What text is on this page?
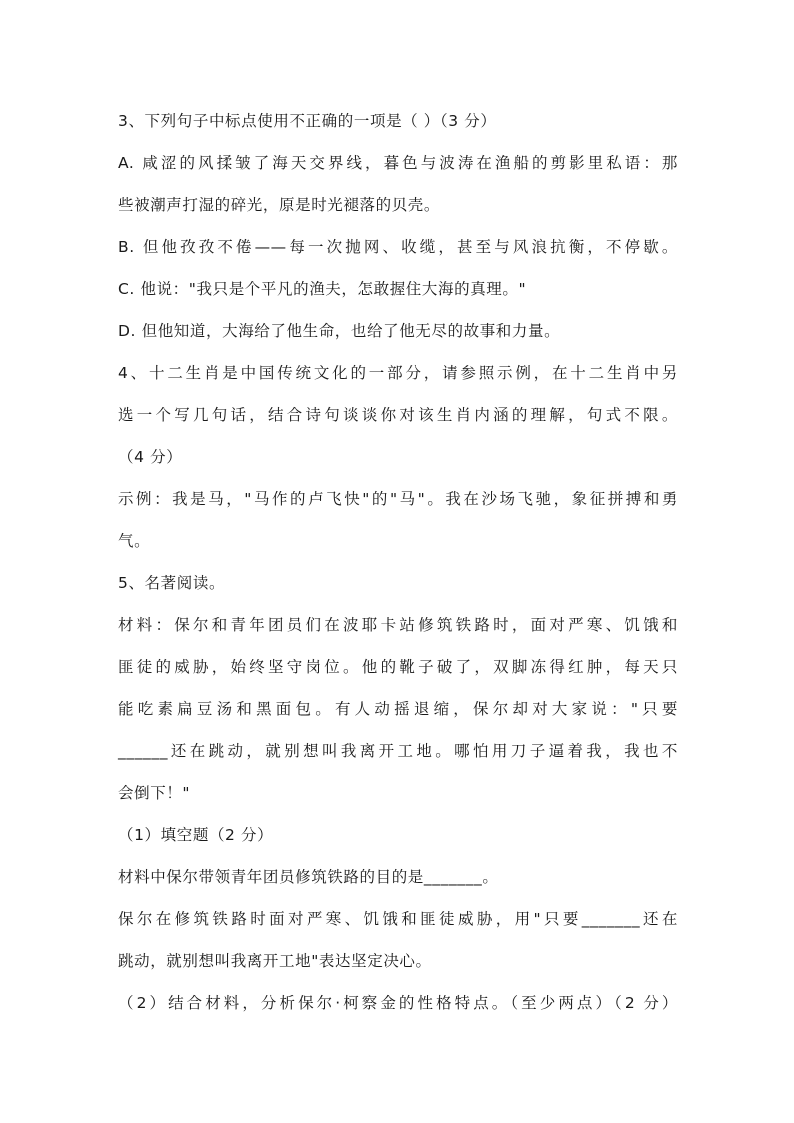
3、下列句子中标点使用不正确的一项是（ ）（3 分）
A. 咸涩的风揉皱了海天交界线，暮色与波涛在渔船的剪影里私语：那
些被潮声打湿的碎光，原是时光褪落的贝壳。
B. 但他孜孜不倦——每一次抛网、收缆，甚至与风浪抗衡，不停歇。
C. 他说："我只是个平凡的渔夫，怎敢握住大海的真理。"
D. 但他知道，大海给了他生命，也给了他无尽的故事和力量。
4、十二生肖是中国传统文化的一部分，请参照示例，在十二生肖中另
选一个写几句话，结合诗句谈谈你对该生肖内涵的理解，句式不限。
（4 分）
示例：我是马，"马作的卢飞快"的"马"。我在沙场飞驰，象征拼搏和勇
气。
5、名著阅读。
材料：保尔和青年团员们在波耶卡站修筑铁路时，面对严寒、饥饿和
匪徒的威胁，始终坚守岗位。他的靴子破了，双脚冻得红肿，每天只
能吃素扁豆汤和黑面包。有人动摇退缩，保尔却对大家说："只要
______还在跳动，就别想叫我离开工地。哪怕用刀子逼着我，我也不
会倒下！"
（1）填空题（2 分）
材料中保尔带领青年团员修筑铁路的目的是_______。
保尔在修筑铁路时面对严寒、饥饿和匪徒威胁，用"只要_______还在
跳动，就别想叫我离开工地"表达坚定决心。
（2）结合材料，分析保尔·柯察金的性格特点。（至少两点）（2 分）
